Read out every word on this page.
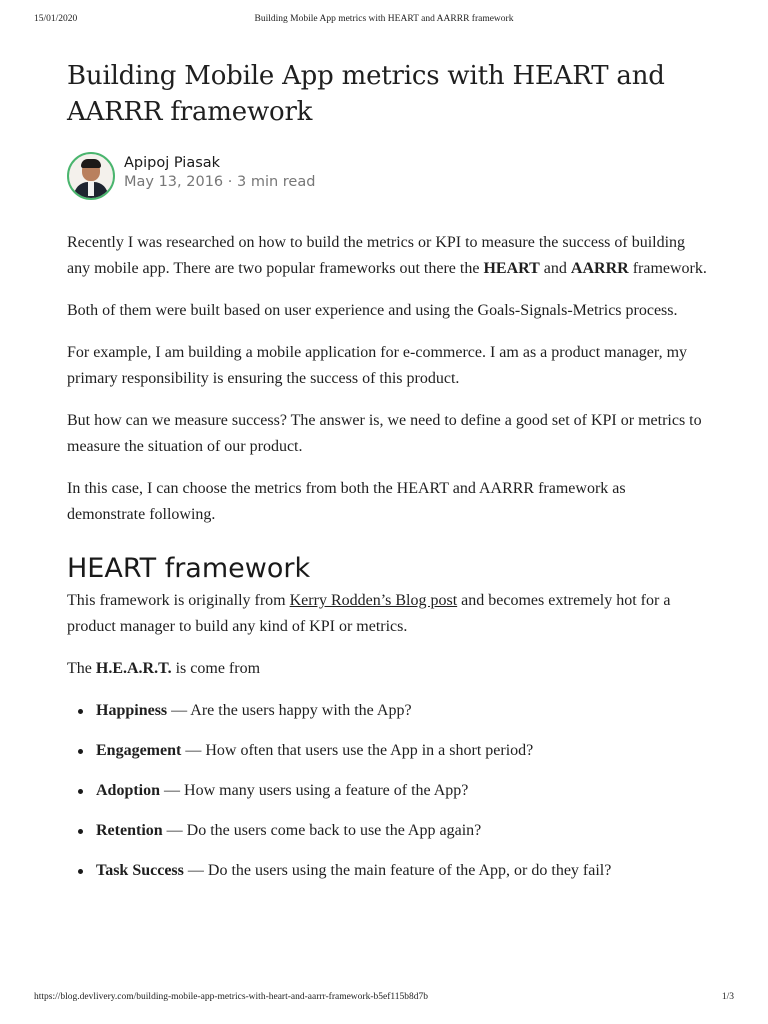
15/01/2020	Building Mobile App metrics with HEART and AARRR framework
Building Mobile App metrics with HEART and AARRR framework
Apipoj Piasak
May 13, 2016 · 3 min read

Recently I was researched on how to build the metrics or KPI to measure the success of building any mobile app. There are two popular frameworks out there the HEART and AARRR framework.

Both of them were built based on user experience and using the Goals-Signals-Metrics process.

For example, I am building a mobile application for e-commerce. I am as a product manager, my primary responsibility is ensuring the success of this product.

But how can we measure success? The answer is, we need to define a good set of KPI or metrics to measure the situation of our product.

In this case, I can choose the metrics from both the HEART and AARRR framework as demonstrate following.

HEART framework

This framework is originally from Kerry Rodden’s Blog post and becomes extremely hot for a product manager to build any kind of KPI or metrics.

The H.E.A.R.T. is come from

Happiness — Are the users happy with the App?
Engagement — How often that users use the App in a short period?
Adoption — How many users using a feature of the App?
Retention — Do the users come back to use the App again?
Task Success — Do the users using the main feature of the App, or do they fail?
https://blog.devlivery.com/building-mobile-app-metrics-with-heart-and-aarrr-framework-b5ef115b8d7b	1/3
